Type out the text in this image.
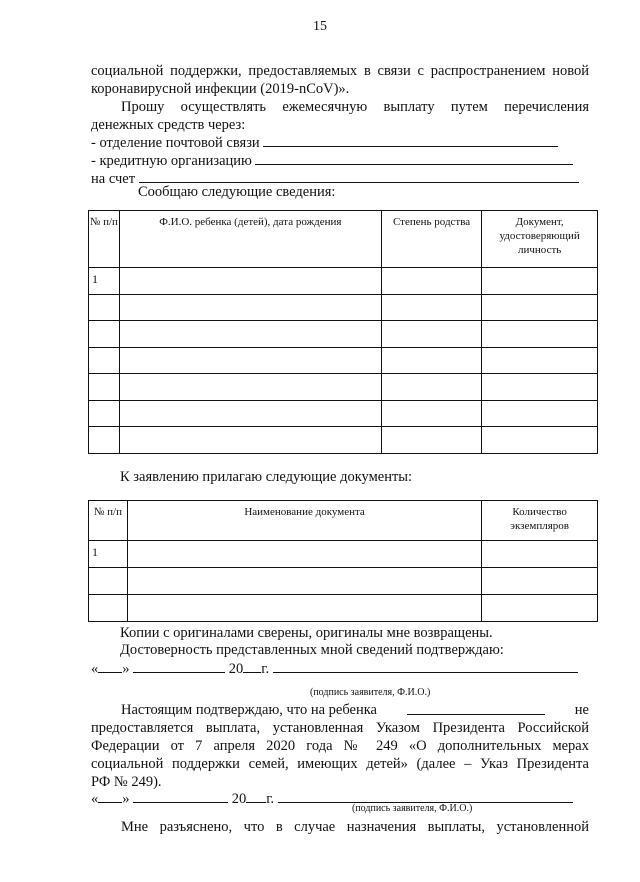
15

социальной поддержки, предоставляемых в связи с распространением новой

коронавирусной инфекции (2019-nCoV)».

Прошу осуществлять ежемесячную выплату путем перечисления

денежных средств через:

- отделение почтовой связи
- кредитную организацию
на счет

Сообщаю следующие сведения:

№ п/п	Ф.И.О. ребенка (детей), дата рождения	Степень родства	Документ, удостоверяющий личность
1			

К заявлению прилагаю следующие документы:

№ п/п	Наименование документа	Количество экземпляров
1		

Копии с оригиналами сверены, оригиналы мне возвращены.

Достоверность представленных мной сведений подтверждаю:

« »	20 г.
(подпись заявителя, Ф.И.О.)
Настоящим подтверждаю, что на ребенка	не

предоставляется выплата, установленная Указом Президента Российской

Федерации от 7 апреля 2020 года № 249 «О дополнительных мерах

социальной поддержки семей, имеющих детей» (далее – Указ Президента

РФ № 249).

« »	20 г.
(подпись заявителя, Ф.И.О.)

Мне разъяснено, что в случае назначения выплаты, установленной
